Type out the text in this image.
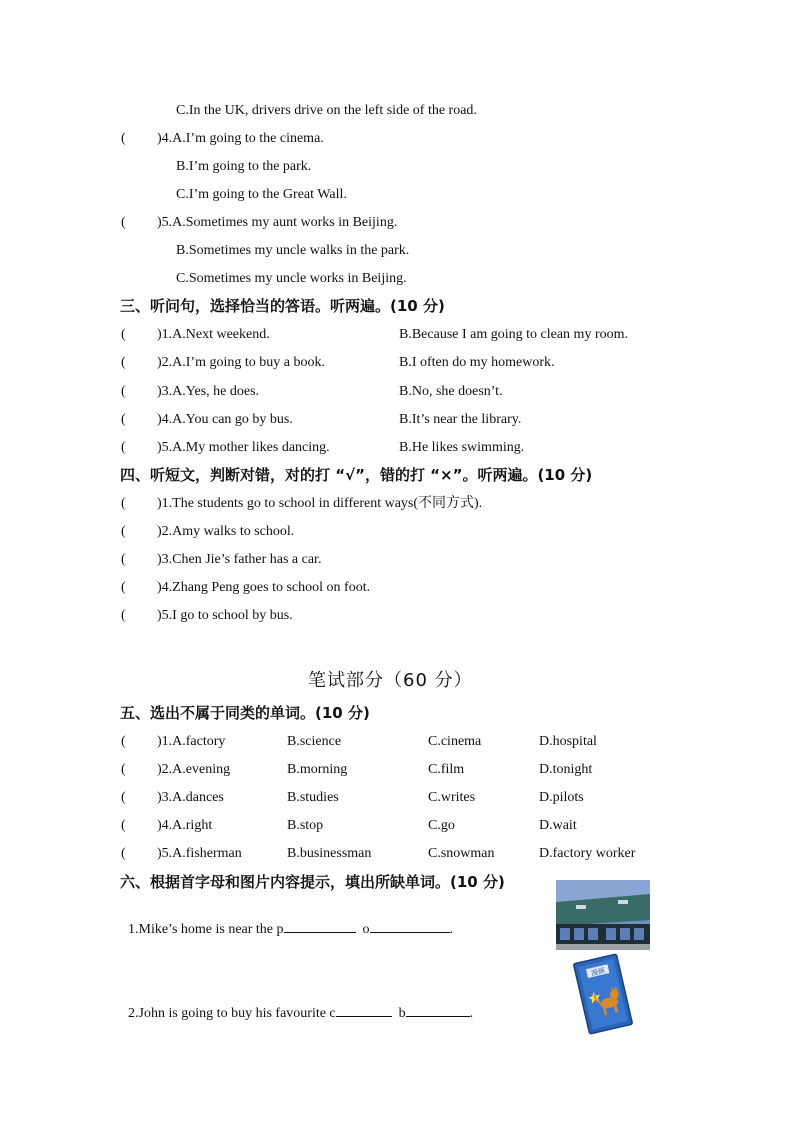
C.In the UK, drivers drive on the left side of the road.
( )4.A.I’m going to the cinema.
B.I’m going to the park.
C.I’m going to the Great Wall.
( )5.A.Sometimes my aunt works in Beijing.
B.Sometimes my uncle walks in the park.
C.Sometimes my uncle works in Beijing.
三、听问句，选择恰当的答语。听两遍。(10 分)
( )1.A.Next weekend.	B.Because I am going to clean my room.
( )2.A.I’m going to buy a book.	B.I often do my homework.
( )3.A.Yes, he does.	B.No, she doesn’t.
( )4.A.You can go by bus.	B.It’s near the library.
( )5.A.My mother likes dancing.	B.He likes swimming.
四、听短文，判断对错，对的打 “√”，错的打 “×”。听两遍。(10 分)
( )1.The students go to school in different ways(不同方式).
( )2.Amy walks to school.
( )3.Chen Jie’s father has a car.
( )4.Zhang Peng goes to school on foot.
( )5.I go to school by bus.
笔试部分（60 分）
五、选出不属于同类的单词。(10 分)
( )1.A.factory	B.science	C.cinema	D.hospital
( )2.A.evening	B.morning	C.film	D.tonight
( )3.A.dances	B.studies	C.writes	D.pilots
( )4.A.right	B.stop	C.go	D.wait
( )5.A.fisherman	B.businessman	C.snowman	D.factory worker
六、根据首字母和图片内容提示，填出所缺单词。(10 分)

1.Mike’s home is near the p	o	.

2.John is going to buy his favourite c	b	.

漫画
